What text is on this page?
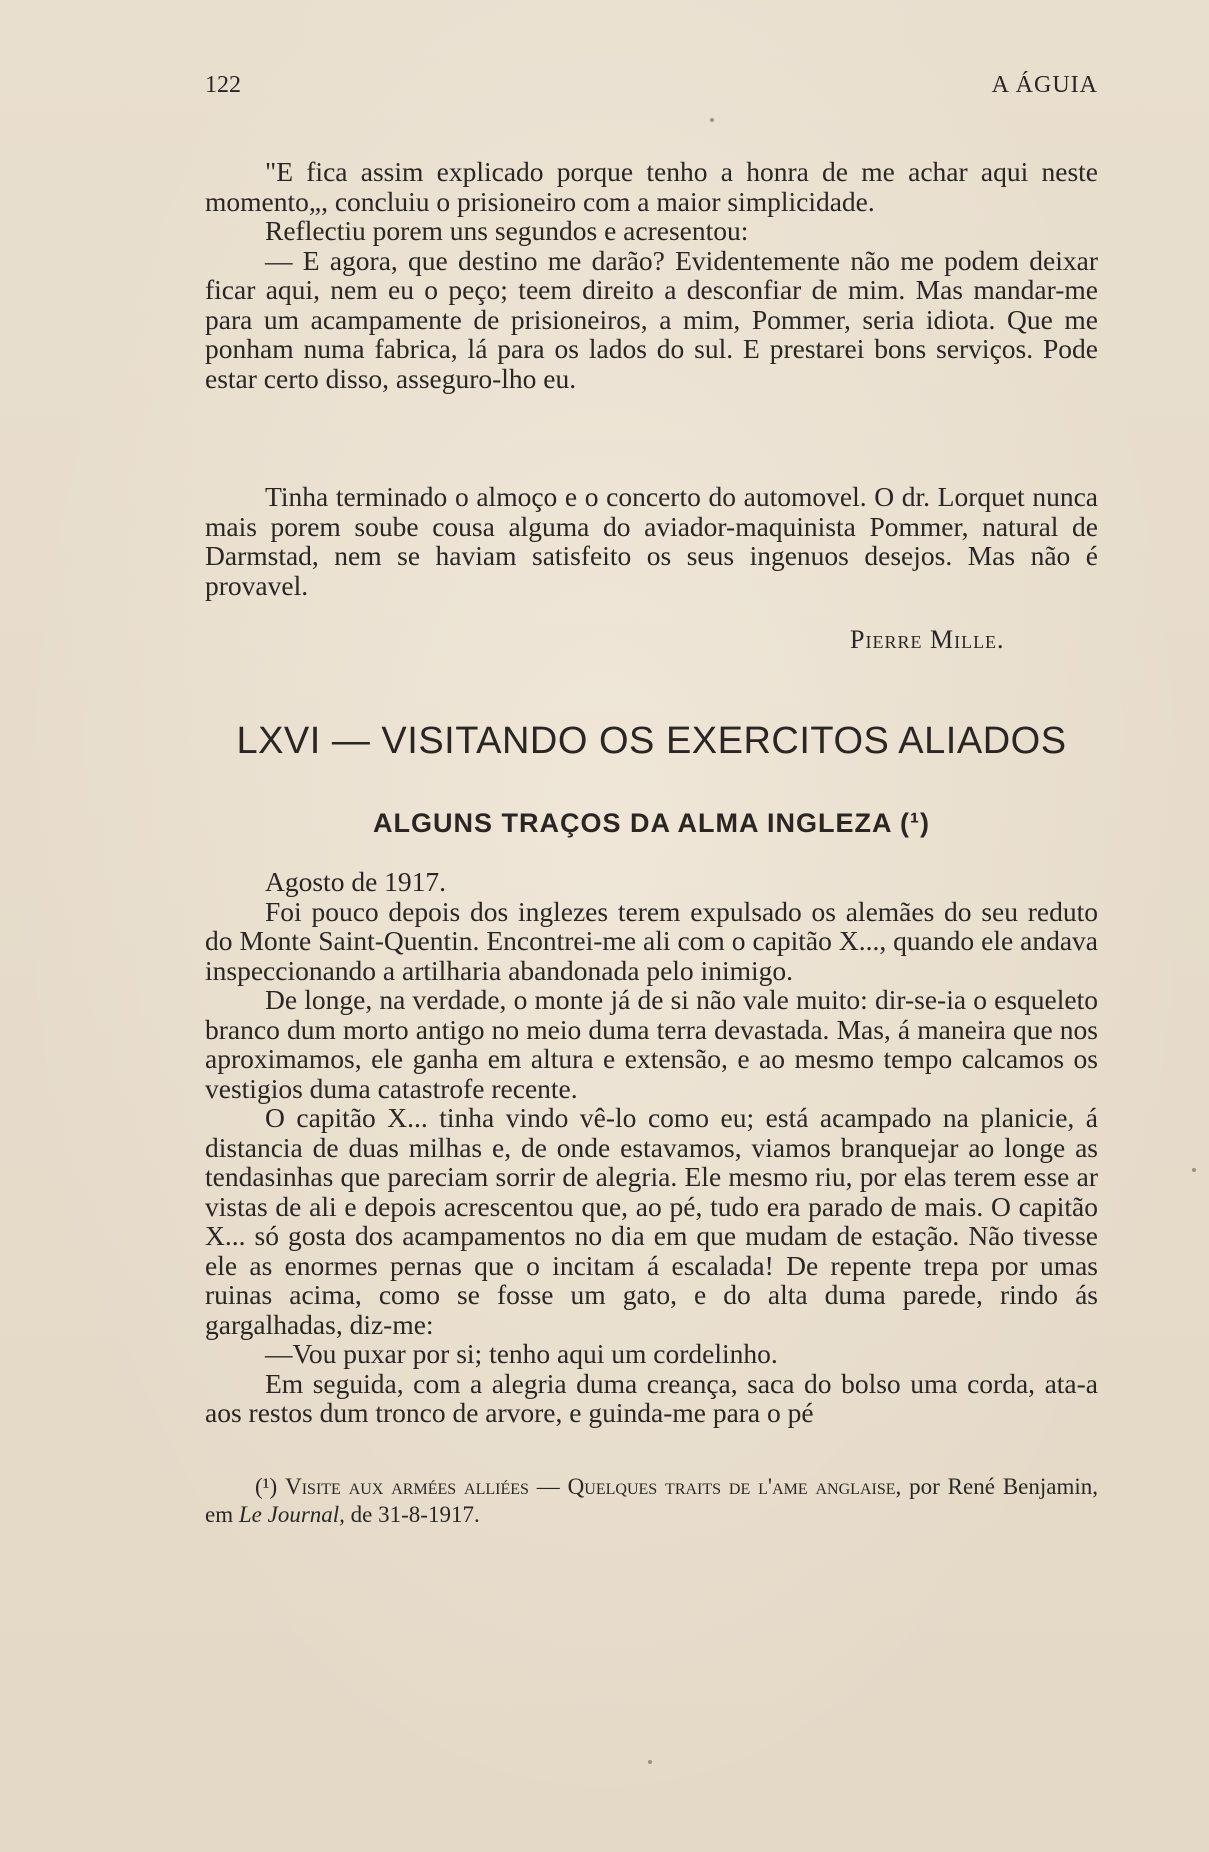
122	A ÁGUIA

"E fica assim explicado porque tenho a honra de me achar aqui neste momento„, concluiu o prisioneiro com a maior simplicidade.

Reflectiu porem uns segundos e acresentou:

— E agora, que destino me darão? Evidentemente não me podem deixar ficar aqui, nem eu o peço; teem direito a desconfiar de mim. Mas mandar-me para um acampamente de prisioneiros, a mim, Pommer, seria idiota. Que me ponham numa fabrica, lá para os lados do sul. E prestarei bons serviços. Pode estar certo disso, asseguro-lho eu.

Tinha terminado o almoço e o concerto do automovel. O dr. Lorquet nunca mais porem soube cousa alguma do aviador-maquinista Pommer, natural de Darmstad, nem se haviam satisfeito os seus ingenuos desejos. Mas não é provavel.

Pierre Mille.
LXVI — VISITANDO OS EXERCITOS ALIADOS
ALGUNS TRAÇOS DA ALMA INGLEZA (¹)

Agosto de 1917.

Foi pouco depois dos inglezes terem expulsado os alemães do seu reduto do Monte Saint-Quentin. Encontrei-me ali com o capitão X..., quando ele andava inspeccionando a artilharia abandonada pelo inimigo.

De longe, na verdade, o monte já de si não vale muito: dir-se-ia o esqueleto branco dum morto antigo no meio duma terra devastada. Mas, á maneira que nos aproximamos, ele ganha em altura e extensão, e ao mesmo tempo calcamos os vestigios duma catastrofe recente.

O capitão X... tinha vindo vê-lo como eu; está acampado na planicie, á distancia de duas milhas e, de onde estavamos, viamos branquejar ao longe as tendasinhas que pareciam sorrir de alegria. Ele mesmo riu, por elas terem esse ar vistas de ali e depois acrescentou que, ao pé, tudo era parado de mais. O capitão X... só gosta dos acampamentos no dia em que mudam de estação. Não tivesse ele as enormes pernas que o incitam á escalada! De repente trepa por umas ruinas acima, como se fosse um gato, e do alta duma parede, rindo ás gargalhadas, diz-me:

—Vou puxar por si; tenho aqui um cordelinho.

Em seguida, com a alegria duma creança, saca do bolso uma corda, ata-a aos restos dum tronco de arvore, e guinda-me para o pé

(¹) Visite aux armées alliées — Quelques traits de l'ame anglaise, por René Benjamin, em Le Journal, de 31-8-1917.
